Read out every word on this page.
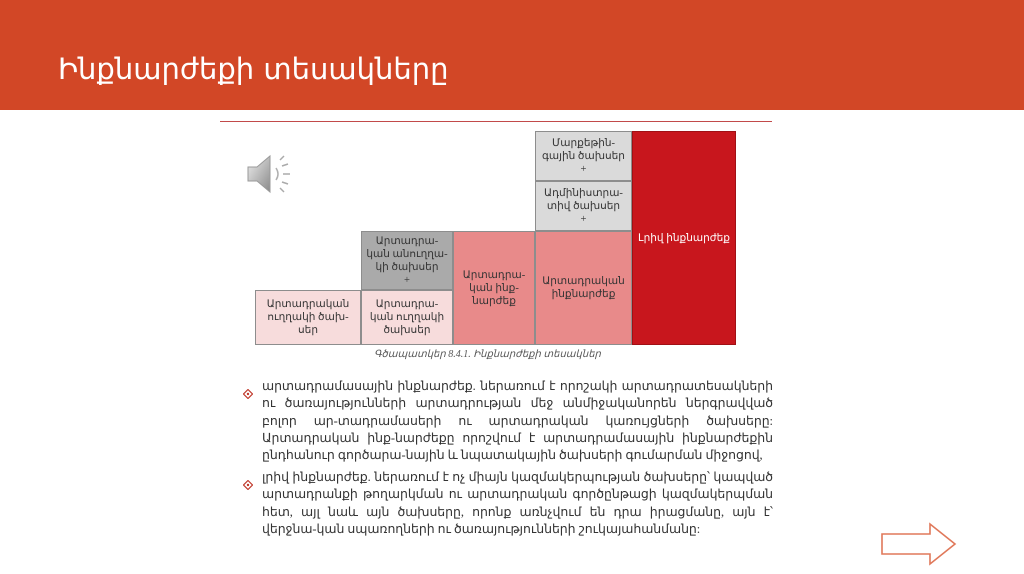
Ինքնարժեքի տեսակները
Արտադրական ուղղակի ծախ-սեր
Արտադրա-կան ուղղակի ծախսեր
Արտադրա-կան անուղղա-կի ծախսեր
+	Արտադրա-կան ինք-նարժեք
Արտադրական ինքնարժեք
Ադմինիստրա-տիվ ծախսեր
+
Մարքեթին-գային ծախսեր
+
Լրիվ ինքնարժեք
Գծապատկեր 8.4.1. Ինքնարժեքի տեսակներ
արտադրամասային ինքնարժեք. ներառում է որոշակի արտադրատեսակների ու ծառայությունների արտադրության մեջ անմիջականորեն ներգրավված բոլոր ար-տադրամասերի ու արտադրական կառույցների ծախսերը: Արտադրական ինք-նարժեքը որոշվում է արտադրամասային ինքնարժեքին ընդհանուր գործարա-նային և նպատակային ծախսերի գումարման միջոցով,
լրիվ ինքնարժեք. ներառում է ոչ միայն կազմակերպության ծախսերը՝ կապված արտադրանքի թողարկման ու արտադրական գործընթացի կազմակերպման հետ, այլ նաև այն ծախսերը, որոնք առնչվում են դրա իրացմանը, այն է՝ վերջնա-կան սպառողների ու ծառայությունների շուկայահանմանը:
